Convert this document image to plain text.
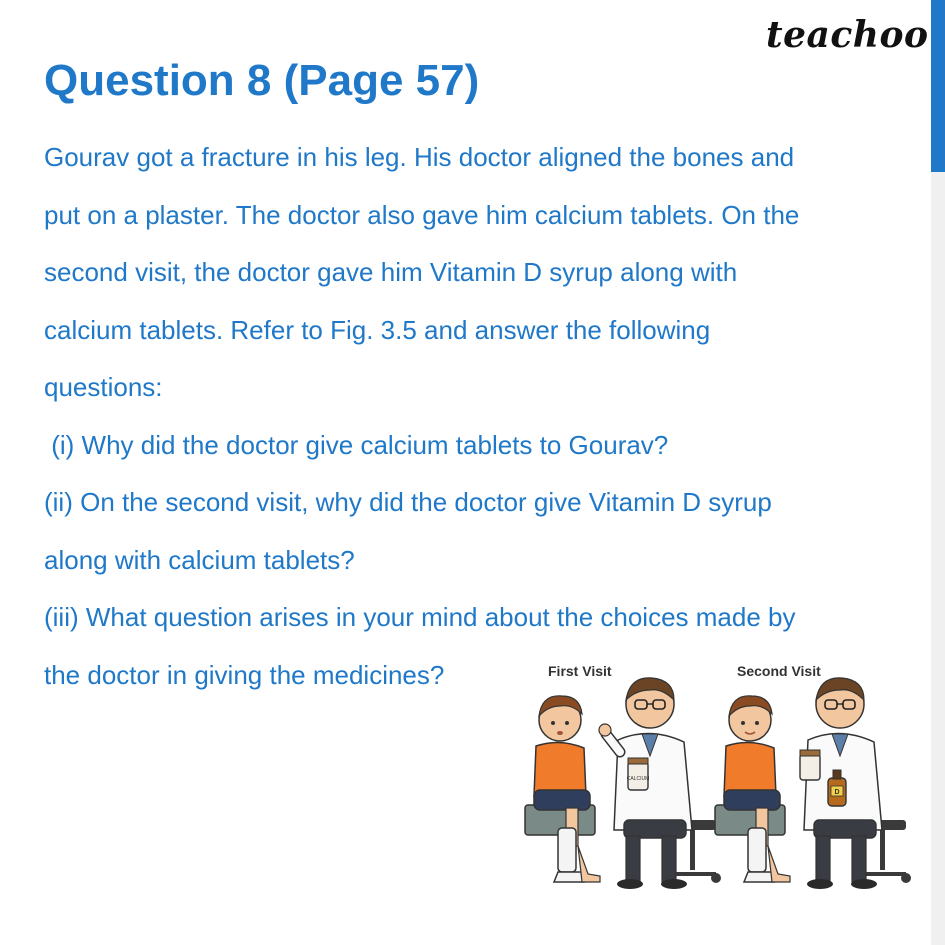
teachoo
Question 8 (Page 57)
Gourav got a fracture in his leg. His doctor aligned the bones and
put on a plaster. The doctor also gave him calcium tablets. On the
second visit, the doctor gave him Vitamin D syrup along with
calcium tablets. Refer to Fig. 3.5 and answer the following
questions:
(i) Why did the doctor give calcium tablets to Gourav?
(ii) On the second visit, why did the doctor give Vitamin D syrup
along with calcium tablets?
(iii) What question arises in your mind about the choices made by
the doctor in giving the medicines?	First Visit	Second Visit
CALCIUM
D
